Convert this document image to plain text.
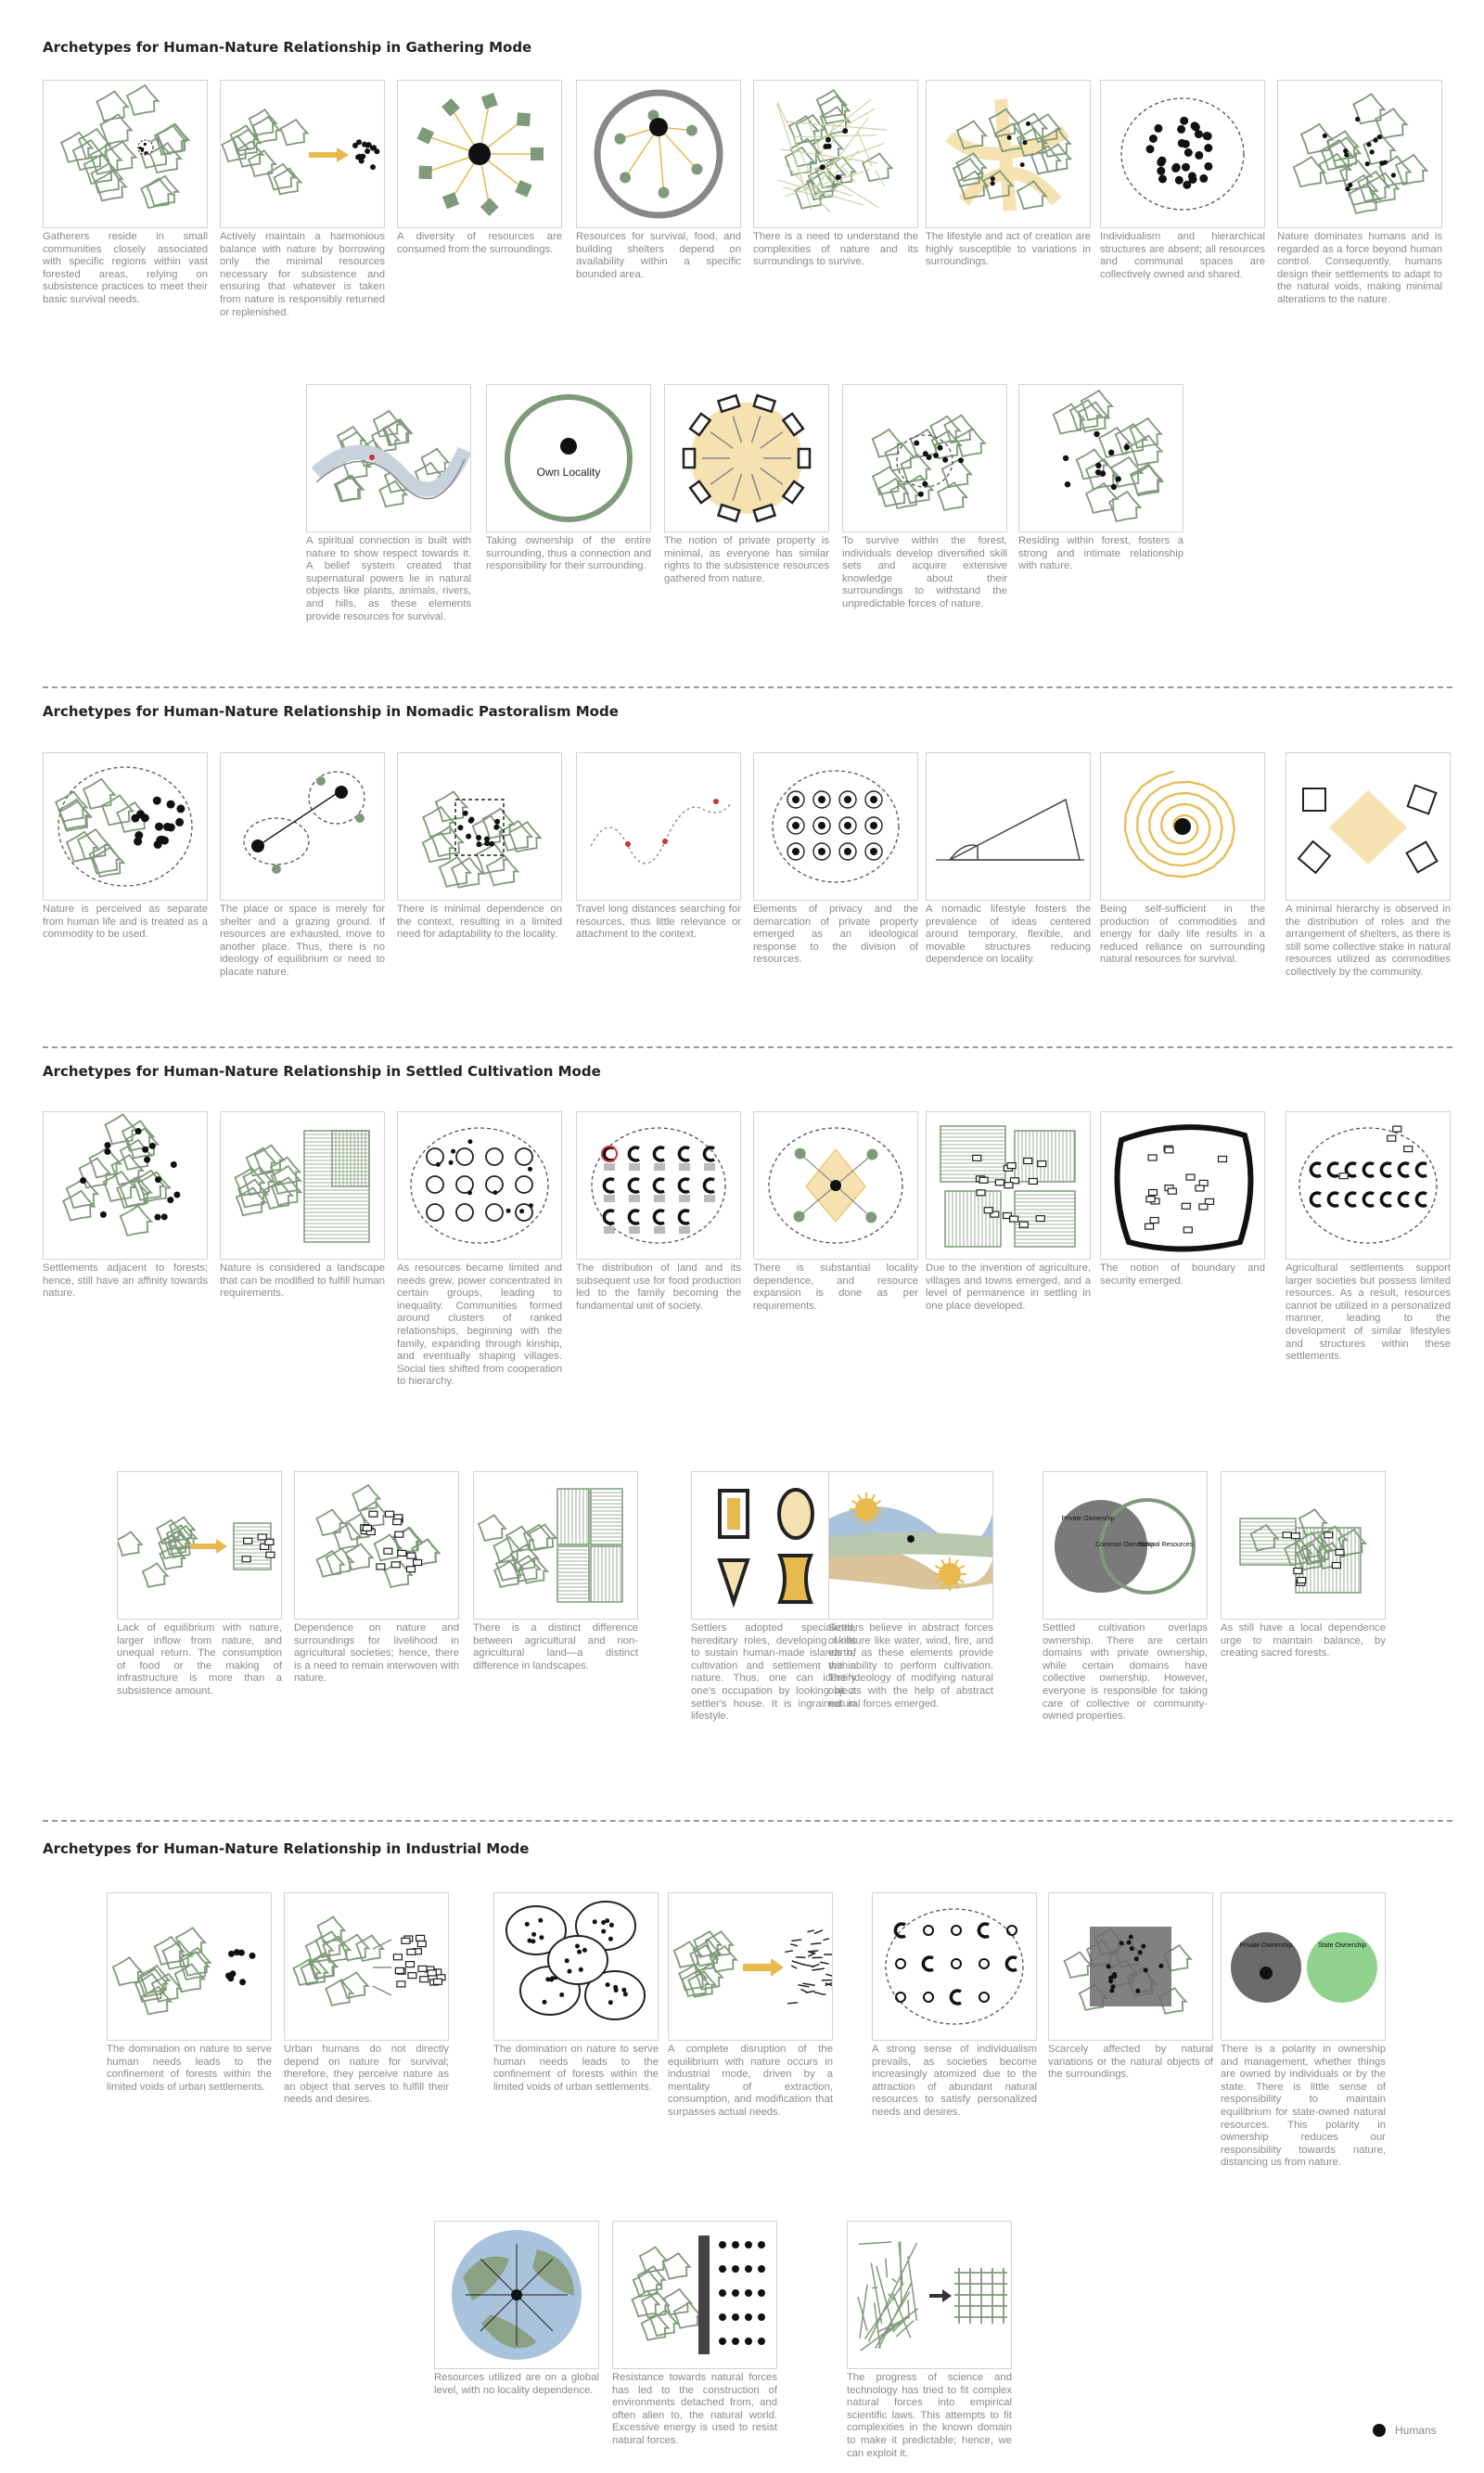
Archetypes for Human-Nature Relationship in Gathering Mode
Archetypes for Human-Nature Relationship in Nomadic Pastoralism Mode
Archetypes for Human-Nature Relationship in Settled Cultivation Mode
Archetypes for Human-Nature Relationship in Industrial Mode
Humans
Gatherers reside in small communities closely associated with specific regions within vast forested areas, relying on subsistence practices to meet their basic survival needs.
Actively maintain a harmonious balance with nature by borrowing only the minimal resources necessary for subsistence and ensuring that whatever is taken from nature is responsibly returned or replenished.
A diversity of resources are consumed from the surroundings.
Resources for survival, food, and building shelters depend on availability within a specific bounded area.
There is a need to understand the complexities of nature and its surroundings to survive.
The lifestyle and act of creation are highly susceptible to variations in surroundings.
Individualism and hierarchical structures are absent; all resources and communal spaces are collectively owned and shared.
Nature dominates humans and is regarded as a force beyond human control. Consequently, humans design their settlements to adapt to the natural voids, making minimal alterations to the nature.
A spiritual connection is built with nature to show respect towards it. A belief system created that supernatural powers lie in natural objects like plants, animals, rivers, and hills, as these elements provide resources for survival.
Own Locality
Taking ownership of the entire surrounding, thus a connection and responsibility for their surrounding.
The notion of private property is minimal, as everyone has similar rights to the subsistence resources gathered from nature.
To survive within the forest, individuals develop diversified skill sets and acquire extensive knowledge about their surroundings to withstand the unpredictable forces of nature.
Residing within forest, fosters a strong and intimate relationship with nature.
Nature is perceived as separate from human life and is treated as a commodity to be used.
The place or space is merely for shelter and a grazing ground. If resources are exhausted, move to another place. Thus, there is no ideology of equilibrium or need to placate nature.
There is minimal dependence on the context, resulting in a limited need for adaptability to the locality.
Travel long distances searching for resources, thus little relevance or attachment to the context.
Elements of privacy and the demarcation of private property emerged as an ideological response to the division of resources.
A nomadic lifestyle fosters the prevalence of ideas centered around temporary, flexible, and movable structures reducing dependence on locality.
Being self-sufficient in the production of commodities and energy for daily life results in a reduced reliance on surrounding natural resources for survival.
A minimal hierarchy is observed in the distribution of roles and the arrangement of shelters, as there is still some collective stake in natural resources utilized as commodities collectively by the community.
Settlements adjacent to forests; hence, still have an affinity towards nature.
Nature is considered a landscape that can be modified to fulfill human requirements.
As resources became limited and needs grew, power concentrated in certain groups, leading to inequality. Communities formed around clusters of ranked relationships, beginning with the family, expanding through kinship, and eventually shaping villages. Social ties shifted from cooperation to hierarchy.
The distribution of land and its subsequent use for food production led to the family becoming the fundamental unit of society.
There is substantial locality dependence, and resource expansion is done as per requirements.
Due to the invention of agriculture, villages and towns emerged, and a level of permanence in settling in one place developed.
The notion of boundary and security emerged.
Agricultural settlements support larger societies but possess limited resources. As a result, resources cannot be utilized in a personalized manner, leading to the development of similar lifestyles and structures within these settlements.
Lack of equilibrium with nature, larger inflow from nature, and unequal return. The consumption of food or the making of infrastructure is more than a subsistence amount.
Dependence on nature and surroundings for livelihood in agricultural societies; hence, there is a need to remain interwoven with nature.
There is a distinct difference between agricultural and non-agricultural land—a distinct difference in landscapes.
Settlers adopted specialized, hereditary roles, developing skills to sustain human-made islands of cultivation and settlement within nature. Thus, one can identify one's occupation by looking at a settler's house. It is ingrained in lifestyle.
Settlers believe in abstract forces of nature like water, wind, fire, and earth, as these elements provide the ability to perform cultivation. The ideology of modifying natural objects with the help of abstract natural forces emerged.
Private Ownership
Common Ownership
Natural Resources
Settled cultivation overlaps ownership. There are certain domains with private ownership, while certain domains have collective ownership. However, everyone is responsible for taking care of collective or community-owned properties.
As still have a local dependence urge to maintain balance, by creating sacred forests.
The domination on nature to serve human needs leads to the confinement of forests within the limited voids of urban settlements.
Urban humans do not directly depend on nature for survival; therefore, they perceive nature as an object that serves to fulfill their needs and desires.
The domination on nature to serve human needs leads to the confinement of forests within the limited voids of urban settlements.
A complete disruption of the equilibrium with nature occurs in industrial mode, driven by a mentality of extraction, consumption, and modification that surpasses actual needs.
A strong sense of individualism prevails, as societies become increasingly atomized due to the attraction of abundant natural resources to satisfy personalized needs and desires.
Scarcely affected by natural variations or the natural objects of the surroundings.
Private Ownership	State Ownership
There is a polarity in ownership and management, whether things are owned by individuals or by the state. There is little sense of responsibility to maintain equilibrium for state-owned natural resources. This polarity in ownership reduces our responsibility towards nature, distancing us from nature.
Resources utilized are on a global level, with no locality dependence.
Resistance towards natural forces has led to the construction of environments detached from, and often alien to, the natural world. Excessive energy is used to resist natural forces.
The progress of science and technology has tried to fit complex natural forces into empirical scientific laws. This attempts to fit complexities in the known domain to make it predictable; hence, we can exploit it.
